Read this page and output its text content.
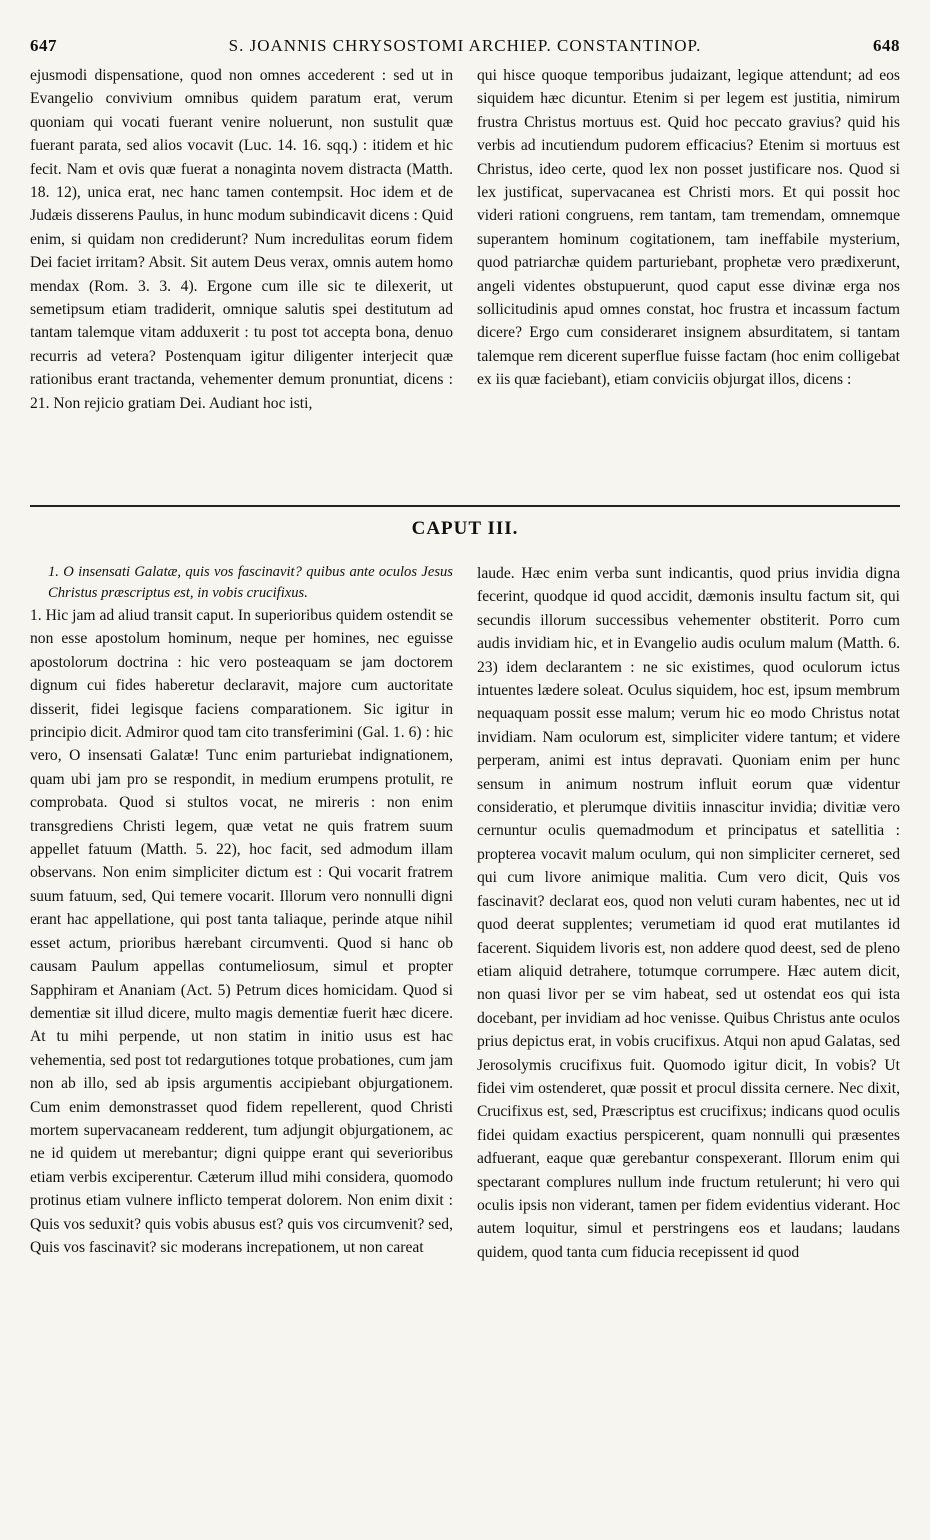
647	S. JOANNIS CHRYSOSTOMI ARCHIEP. CONSTANTINOP.	648

ejusmodi dispensatione, quod non omnes accederent : sed ut in Evangelio convivium omnibus quidem paratum erat, verum quoniam qui vocati fuerant venire noluerunt, non sustulit quæ fuerant parata, sed alios vocavit (Luc. 14. 16. sqq.) : itidem et hic fecit. Nam et ovis quæ fuerat a nonaginta novem distracta (Matth. 18. 12), unica erat, nec hanc tamen contempsit. Hoc idem et de Judæis disserens Paulus, in hunc modum subindicavit dicens : Quid enim, si quidam non crediderunt? Num incredulitas eorum fidem Dei faciet irritam? Absit. Sit autem Deus verax, omnis autem homo mendax (Rom. 3. 3. 4). Ergone cum ille sic te dilexerit, ut semetipsum etiam tradiderit, omnique salutis spei destitutum ad tantam talemque vitam adduxerit : tu post tot accepta bona, denuo recurris ad vetera? Postenquam igitur diligenter interjecit quæ rationibus erant tractanda, vehementer demum pronuntiat, dicens : 21. Non rejicio gratiam Dei. Audiant hoc isti,

qui hisce quoque temporibus judaizant, legique attendunt; ad eos siquidem hæc dicuntur. Etenim si per legem est justitia, nimirum frustra Christus mortuus est. Quid hoc peccato gravius? quid his verbis ad incutiendum pudorem efficacius? Etenim si mortuus est Christus, ideo certe, quod lex non posset justificare nos. Quod si lex justificat, supervacanea est Christi mors. Et qui possit hoc videri rationi congruens, rem tantam, tam tremendam, omnemque superantem hominum cogitationem, tam ineffabile mysterium, quod patriarchæ quidem parturiebant, prophetæ vero prædixerunt, angeli videntes obstupuerunt, quod caput esse divinæ erga nos sollicitudinis apud omnes constat, hoc frustra et incassum factum dicere? Ergo cum consideraret insignem absurditatem, si tantam talemque rem dicerent superflue fuisse factam (hoc enim colligebat ex iis quæ faciebant), etiam conviciis objurgat illos, dicens :

CAPUT III.

1. O insensati Galatæ, quis vos fascinavit? quibus ante oculos Jesus Christus præscriptus est, in vobis crucifixus.

1. Hic jam ad aliud transit caput. In superioribus quidem ostendit se non esse apostolum hominum, neque per homines, nec eguisse apostolorum doctrina : hic vero posteaquam se jam doctorem dignum cui fides haberetur declaravit, majore cum auctoritate disserit, fidei legisque faciens comparationem. Sic igitur in principio dicit. Admiror quod tam cito transferimini (Gal. 1. 6) : hic vero, O insensati Galatæ! Tunc enim parturiebat indignationem, quam ubi jam pro se respondit, in medium erumpens protulit, re comprobata. Quod si stultos vocat, ne mireris : non enim transgrediens Christi legem, quæ vetat ne quis fratrem suum appellet fatuum (Matth. 5. 22), hoc facit, sed admodum illam observans. Non enim simpliciter dictum est : Qui vocarit fratrem suum fatuum, sed, Qui temere vocarit. Illorum vero nonnulli digni erant hac appellatione, qui post tanta taliaque, perinde atque nihil esset actum, prioribus hærebant circumventi. Quod si hanc ob causam Paulum appellas contumeliosum, simul et propter Sapphiram et Ananiam (Act. 5) Petrum dices homicidam. Quod si dementiæ sit illud dicere, multo magis dementiæ fuerit hæc dicere. At tu mihi perpende, ut non statim in initio usus est hac vehementia, sed post tot redargutiones totque probationes, cum jam non ab illo, sed ab ipsis argumentis accipiebant objurgationem. Cum enim demonstrasset quod fidem repellerent, quod Christi mortem supervacaneam redderent, tum adjungit objurgationem, ac ne id quidem ut merebantur; digni quippe erant qui severioribus etiam verbis exciperentur. Cæterum illud mihi considera, quomodo protinus etiam vulnere inflicto temperat dolorem. Non enim dixit : Quis vos seduxit? quis vobis abusus est? quis vos circumvenit? sed, Quis vos fascinavit? sic moderans increpationem, ut non careat

laude. Hæc enim verba sunt indicantis, quod prius invidia digna fecerint, quodque id quod accidit, dæmonis insultu factum sit, qui secundis illorum successibus vehementer obstiterit. Porro cum audis invidiam hic, et in Evangelio audis oculum malum (Matth. 6. 23) idem declarantem : ne sic existimes, quod oculorum ictus intuentes lædere soleat. Oculus siquidem, hoc est, ipsum membrum nequaquam possit esse malum; verum hic eo modo Christus notat invidiam. Nam oculorum est, simpliciter videre tantum; et videre perperam, animi est intus depravati. Quoniam enim per hunc sensum in animum nostrum influit eorum quæ videntur consideratio, et plerumque divitiis innascitur invidia; divitiæ vero cernuntur oculis quemadmodum et principatus et satellitia : propterea vocavit malum oculum, qui non simpliciter cerneret, sed qui cum livore animique malitia. Cum vero dicit, Quis vos fascinavit? declarat eos, quod non veluti curam habentes, nec ut id quod deerat supplentes; verumetiam id quod erat mutilantes id facerent. Siquidem livoris est, non addere quod deest, sed de pleno etiam aliquid detrahere, totumque corrumpere. Hæc autem dicit, non quasi livor per se vim habeat, sed ut ostendat eos qui ista docebant, per invidiam ad hoc venisse. Quibus Christus ante oculos prius depictus erat, in vobis crucifixus. Atqui non apud Galatas, sed Jerosolymis crucifixus fuit. Quomodo igitur dicit, In vobis? Ut fidei vim ostenderet, quæ possit et procul dissita cernere. Nec dixit, Crucifixus est, sed, Præscriptus est crucifixus; indicans quod oculis fidei quidam exactius perspicerent, quam nonnulli qui præsentes adfuerant, eaque quæ gerebantur conspexerant. Illorum enim qui spectarant complures nullum inde fructum retulerunt; hi vero qui oculis ipsis non viderant, tamen per fidem evidentius viderant. Hoc autem loquitur, simul et perstringens eos et laudans; laudans quidem, quod tanta cum fiducia recepissent id quod
